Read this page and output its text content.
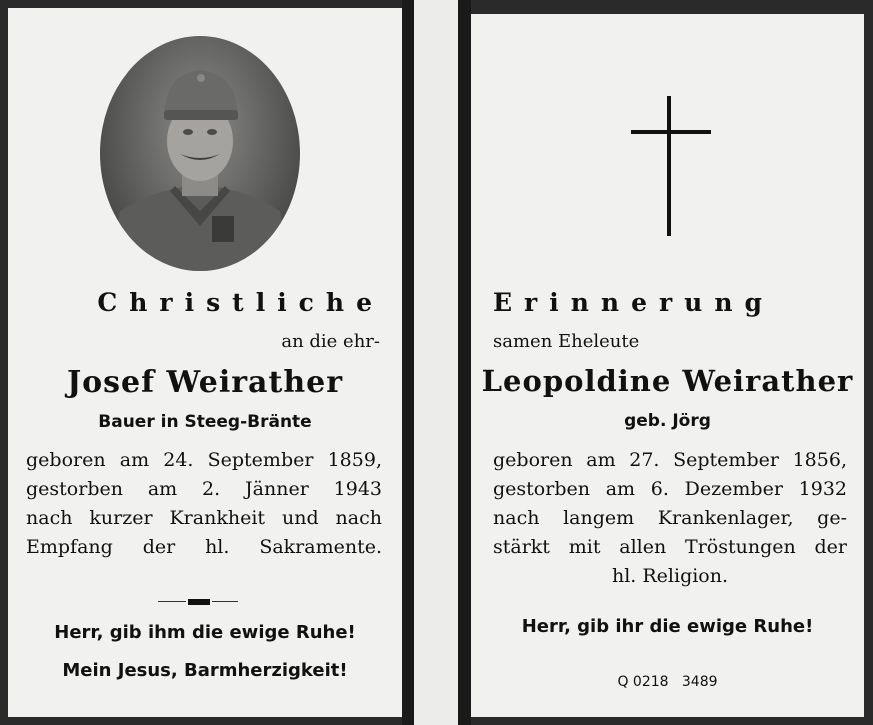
Christliche
an die ehr-
Josef Weirather
Bauer in Steeg-Bränte
geboren am 24. September 1859,
gestorben am 2. Jänner 1943
nach kurzer Krankheit und nach
Empfang der hl. Sakramente.
Herr, gib ihm die ewige Ruhe!
Mein Jesus, Barmherzigkeit!
Erinnerung
samen Eheleute
Leopoldine Weirather
geb. Jörg
geboren am 27. September 1856,
gestorben am 6. Dezember 1932
nach langem Krankenlager, ge-
stärkt mit allen Tröstungen der
hl. Religion.
Herr, gib ihr die ewige Ruhe!
Q 0218   3489
